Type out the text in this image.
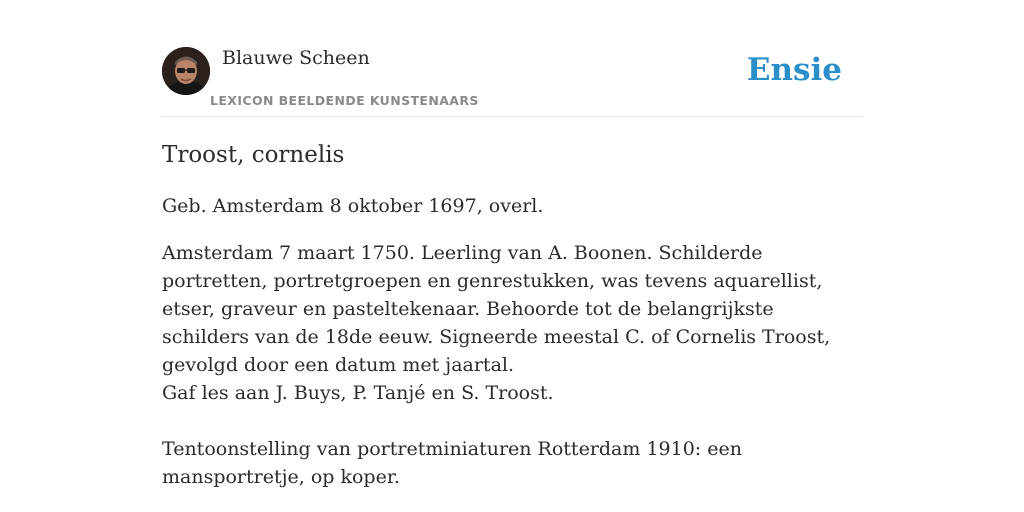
Blauwe Scheen
LEXICON BEELDENDE KUNSTENAARS
Ensie
Troost, cornelis

Geb. Amsterdam 8 oktober 1697, overl.

Amsterdam 7 maart 1750. Leerling van A. Boonen. Schilderde portretten, portretgroepen en genrestukken, was tevens aquarellist, etser, graveur en pasteltekenaar. Behoorde tot de belangrijkste schilders van de 18de eeuw. Signeerde meestal C. of Cornelis Troost, gevolgd door een datum met jaartal.

Gaf les aan J. Buys, P. Tanjé en S. Troost.

Tentoonstelling van portretminiaturen Rotterdam 1910: een mansportretje, op koper.
